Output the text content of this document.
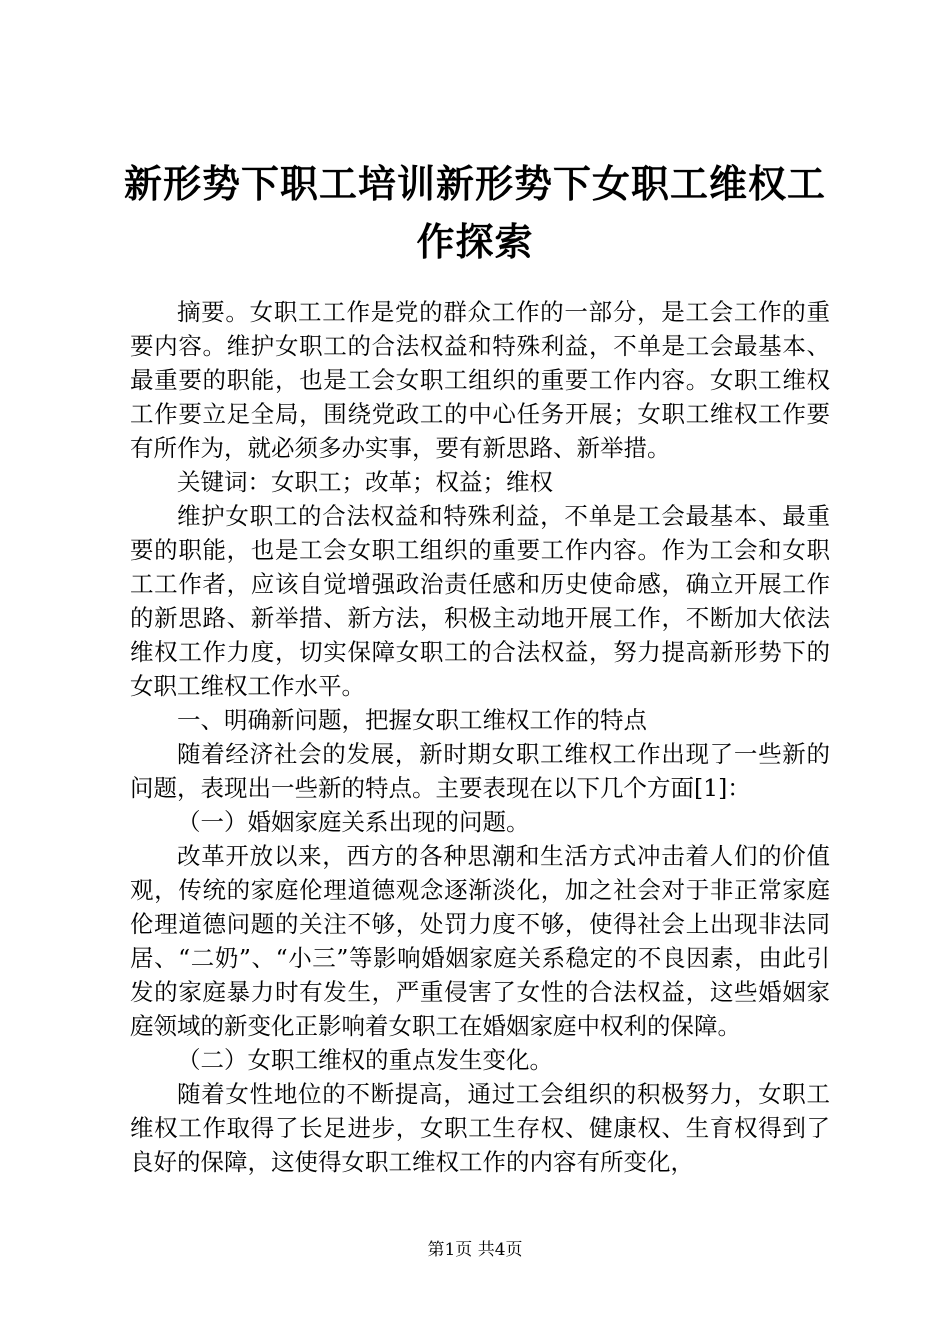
新形势下职工培训新形势下女职工维权工作探索

摘要。女职工工作是党的群众工作的一部分，是工会工作的重要内容。维护女职工的合法权益和特殊利益，不单是工会最基本、最重要的职能，也是工会女职工组织的重要工作内容。女职工维权工作要立足全局，围绕党政工的中心任务开展；女职工维权工作要有所作为，就必须多办实事，要有新思路、新举措。

关键词：女职工；改革；权益；维权

维护女职工的合法权益和特殊利益，不单是工会最基本、最重要的职能，也是工会女职工组织的重要工作内容。作为工会和女职工工作者，应该自觉增强政治责任感和历史使命感，确立开展工作的新思路、新举措、新方法，积极主动地开展工作，不断加大依法维权工作力度，切实保障女职工的合法权益，努力提高新形势下的女职工维权工作水平。

一、明确新问题，把握女职工维权工作的特点

随着经济社会的发展，新时期女职工维权工作出现了一些新的问题，表现出一些新的特点。主要表现在以下几个方面[1]：

（一）婚姻家庭关系出现的问题。

改革开放以来，西方的各种思潮和生活方式冲击着人们的价值观，传统的家庭伦理道德观念逐渐淡化，加之社会对于非正常家庭伦理道德问题的关注不够，处罚力度不够，使得社会上出现非法同居、“二奶”、“小三”等影响婚姻家庭关系稳定的不良因素，由此引发的家庭暴力时有发生，严重侵害了女性的合法权益，这些婚姻家庭领域的新变化正影响着女职工在婚姻家庭中权利的保障。

（二）女职工维权的重点发生变化。

随着女性地位的不断提高，通过工会组织的积极努力，女职工维权工作取得了长足进步，女职工生存权、健康权、生育权得到了良好的保障，这使得女职工维权工作的内容有所变化，

第1页 共4页
